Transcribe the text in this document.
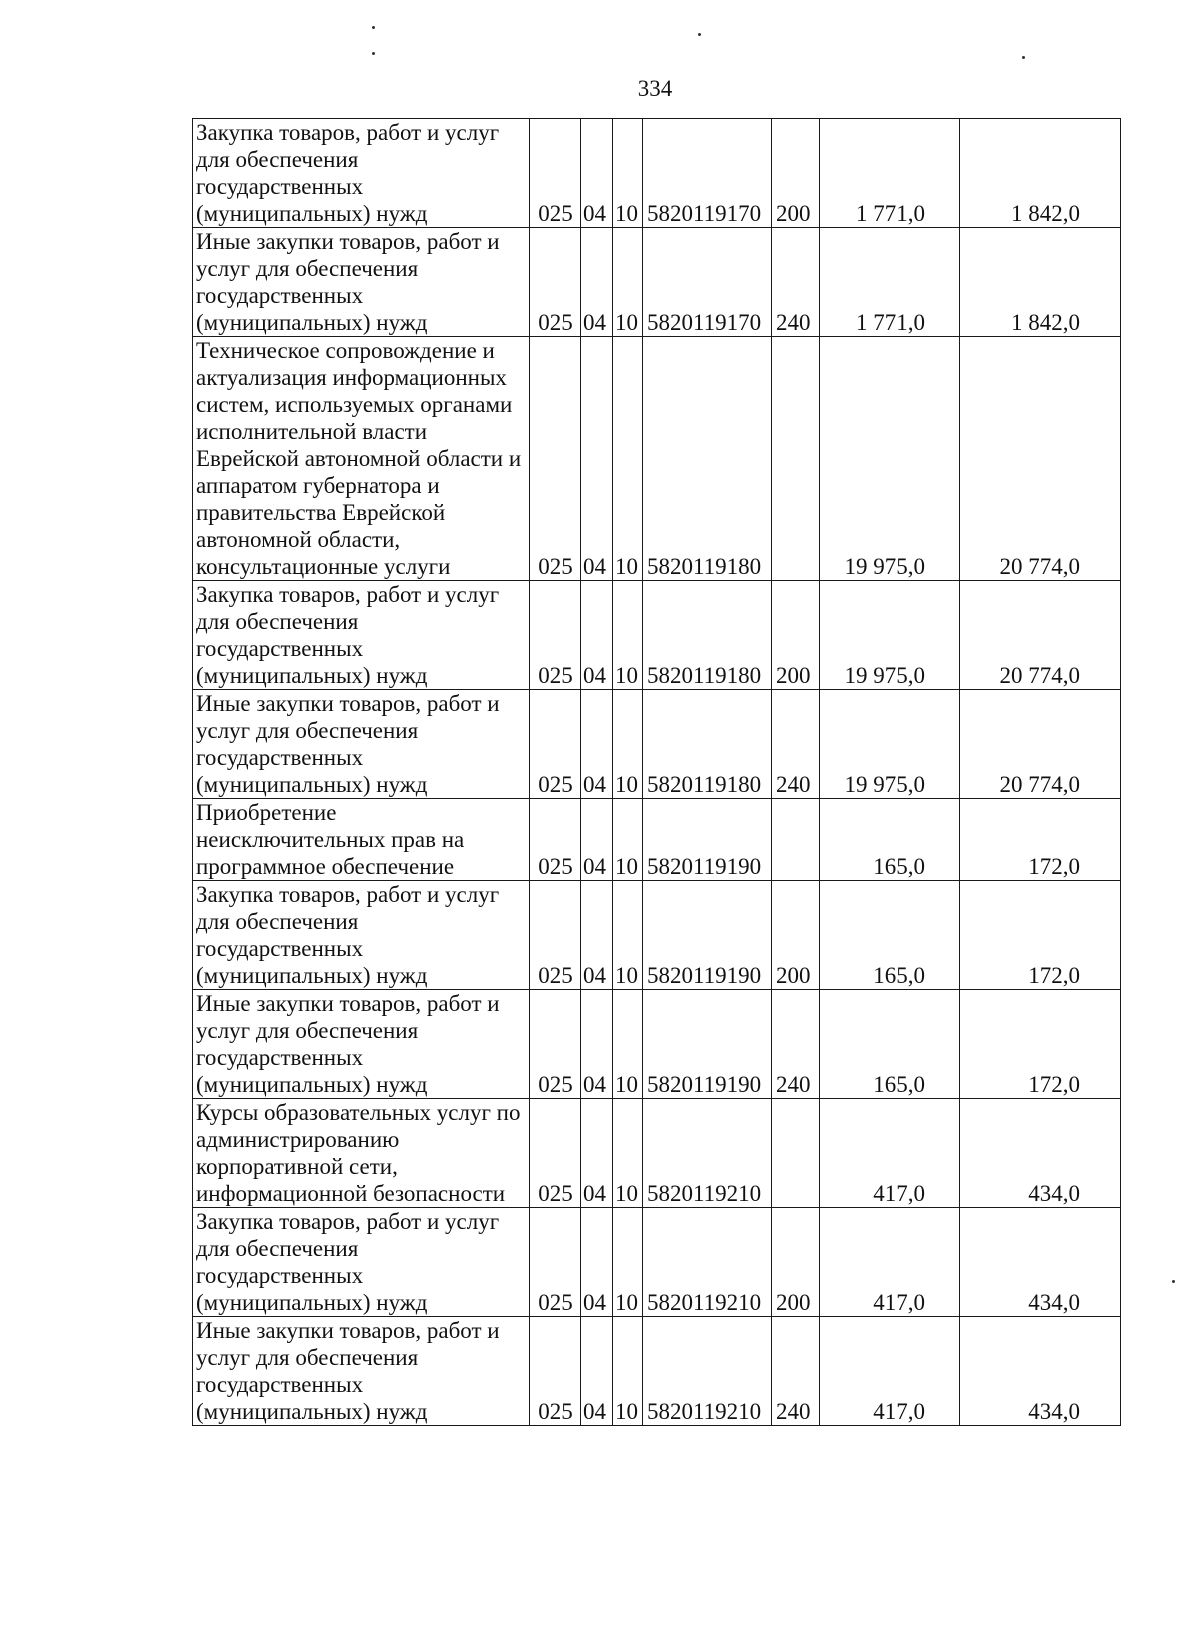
334
Закупка товаров, работ и услуг для обеспечения государственных (муниципальных) нужд	025	04	10	5820119170	200	1 771,0	1 842,0
Иные закупки товаров, работ и услуг для обеспечения государственных (муниципальных) нужд	025	04	10	5820119170	240	1 771,0	1 842,0
Техническое сопровождение и актуализация информационных систем, используемых органами исполнительной власти Еврейской автономной области и аппаратом губернатора и правительства Еврейской автономной области, консультационные услуги	025	04	10	5820119180		19 975,0	20 774,0
Закупка товаров, работ и услуг для обеспечения государственных (муниципальных) нужд	025	04	10	5820119180	200	19 975,0	20 774,0
Иные закупки товаров, работ и услуг для обеспечения государственных (муниципальных) нужд	025	04	10	5820119180	240	19 975,0	20 774,0
Приобретение неисключительных прав на программное обеспечение	025	04	10	5820119190		165,0	172,0
Закупка товаров, работ и услуг для обеспечения государственных (муниципальных) нужд	025	04	10	5820119190	200	165,0	172,0
Иные закупки товаров, работ и услуг для обеспечения государственных (муниципальных) нужд	025	04	10	5820119190	240	165,0	172,0
Курсы образовательных услуг по администрированию корпоративной сети, информационной безопасности	025	04	10	5820119210		417,0	434,0
Закупка товаров, работ и услуг для обеспечения государственных (муниципальных) нужд	025	04	10	5820119210	200	417,0	434,0
Иные закупки товаров, работ и услуг для обеспечения государственных (муниципальных) нужд	025	04	10	5820119210	240	417,0	434,0
